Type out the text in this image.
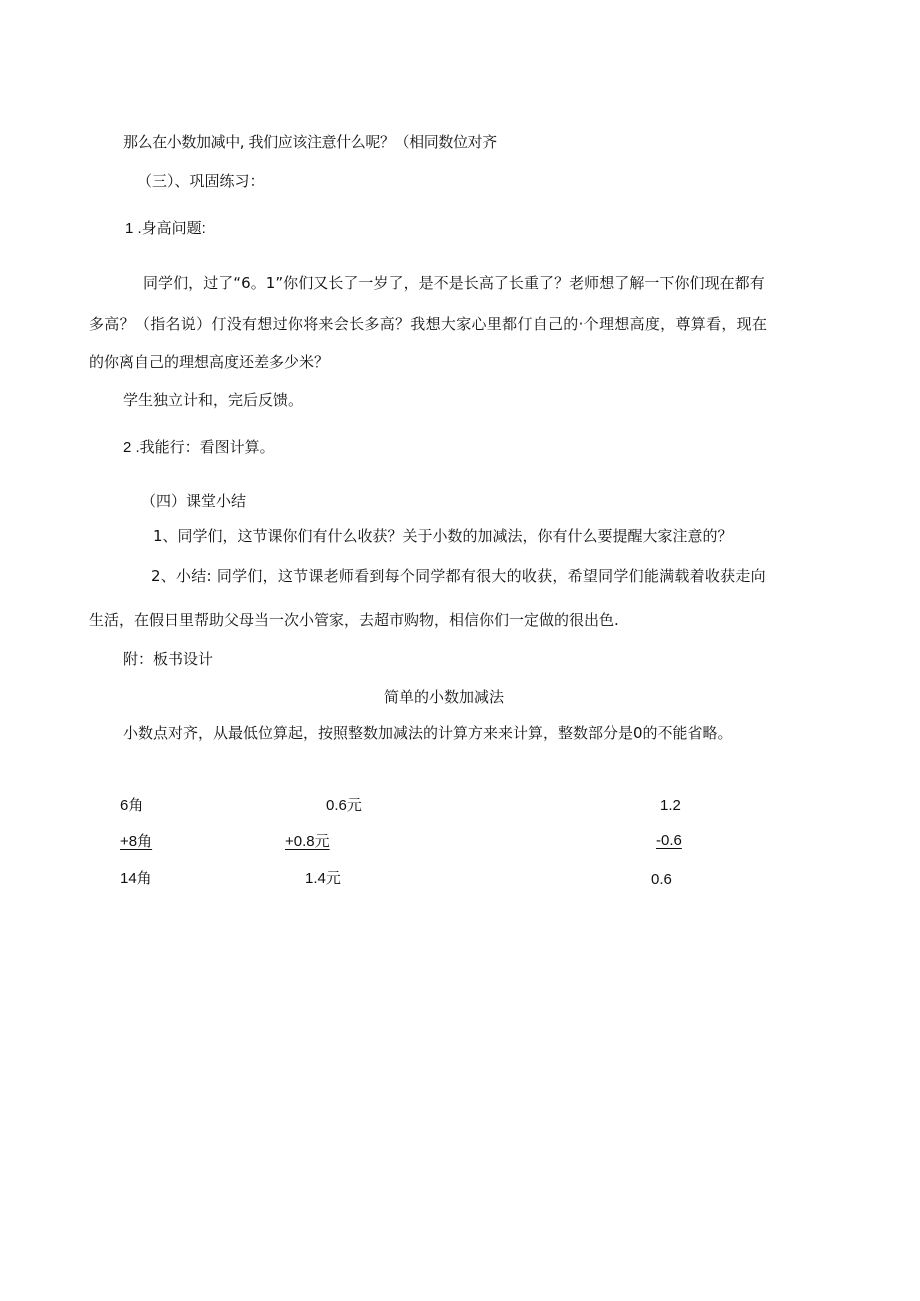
那么在小数加减中, 我们应该注意什么呢？（相同数位对齐
（三）、巩固练习：
1 .身高问题:
同学们，过了“6。1”你们又长了一岁了，是不是长高了长重了？老师想了解一下你们现在都有
多高？（指名说）仃没有想过你将来会长多高？我想大家心里都仃自己的·个理想高度，尊算看，现在
的你离自己的理想高度还差多少米？
学生独立计和，完后反馈。
2 .我能行：看图计算。
（四）课堂小结
1、同学们，这节课你们有什么收获？关于小数的加减法，你有什么要提醒大家注意的？
2、小结: 同学们，这节课老师看到每个同学都有很大的收获，希望同学们能满载着收获走向
生活，在假日里帮助父母当一次小管家，去超市购物，相信你们一定做的很出色.
附：板书设计
简单的小数加减法
小数点对齐，从最低位算起，按照整数加减法的计算方来来计算，整数部分是0的不能省略。
6角
+8角
14角
0.6元
+0.8元
1.4元
1.2
-0.6
0.6
